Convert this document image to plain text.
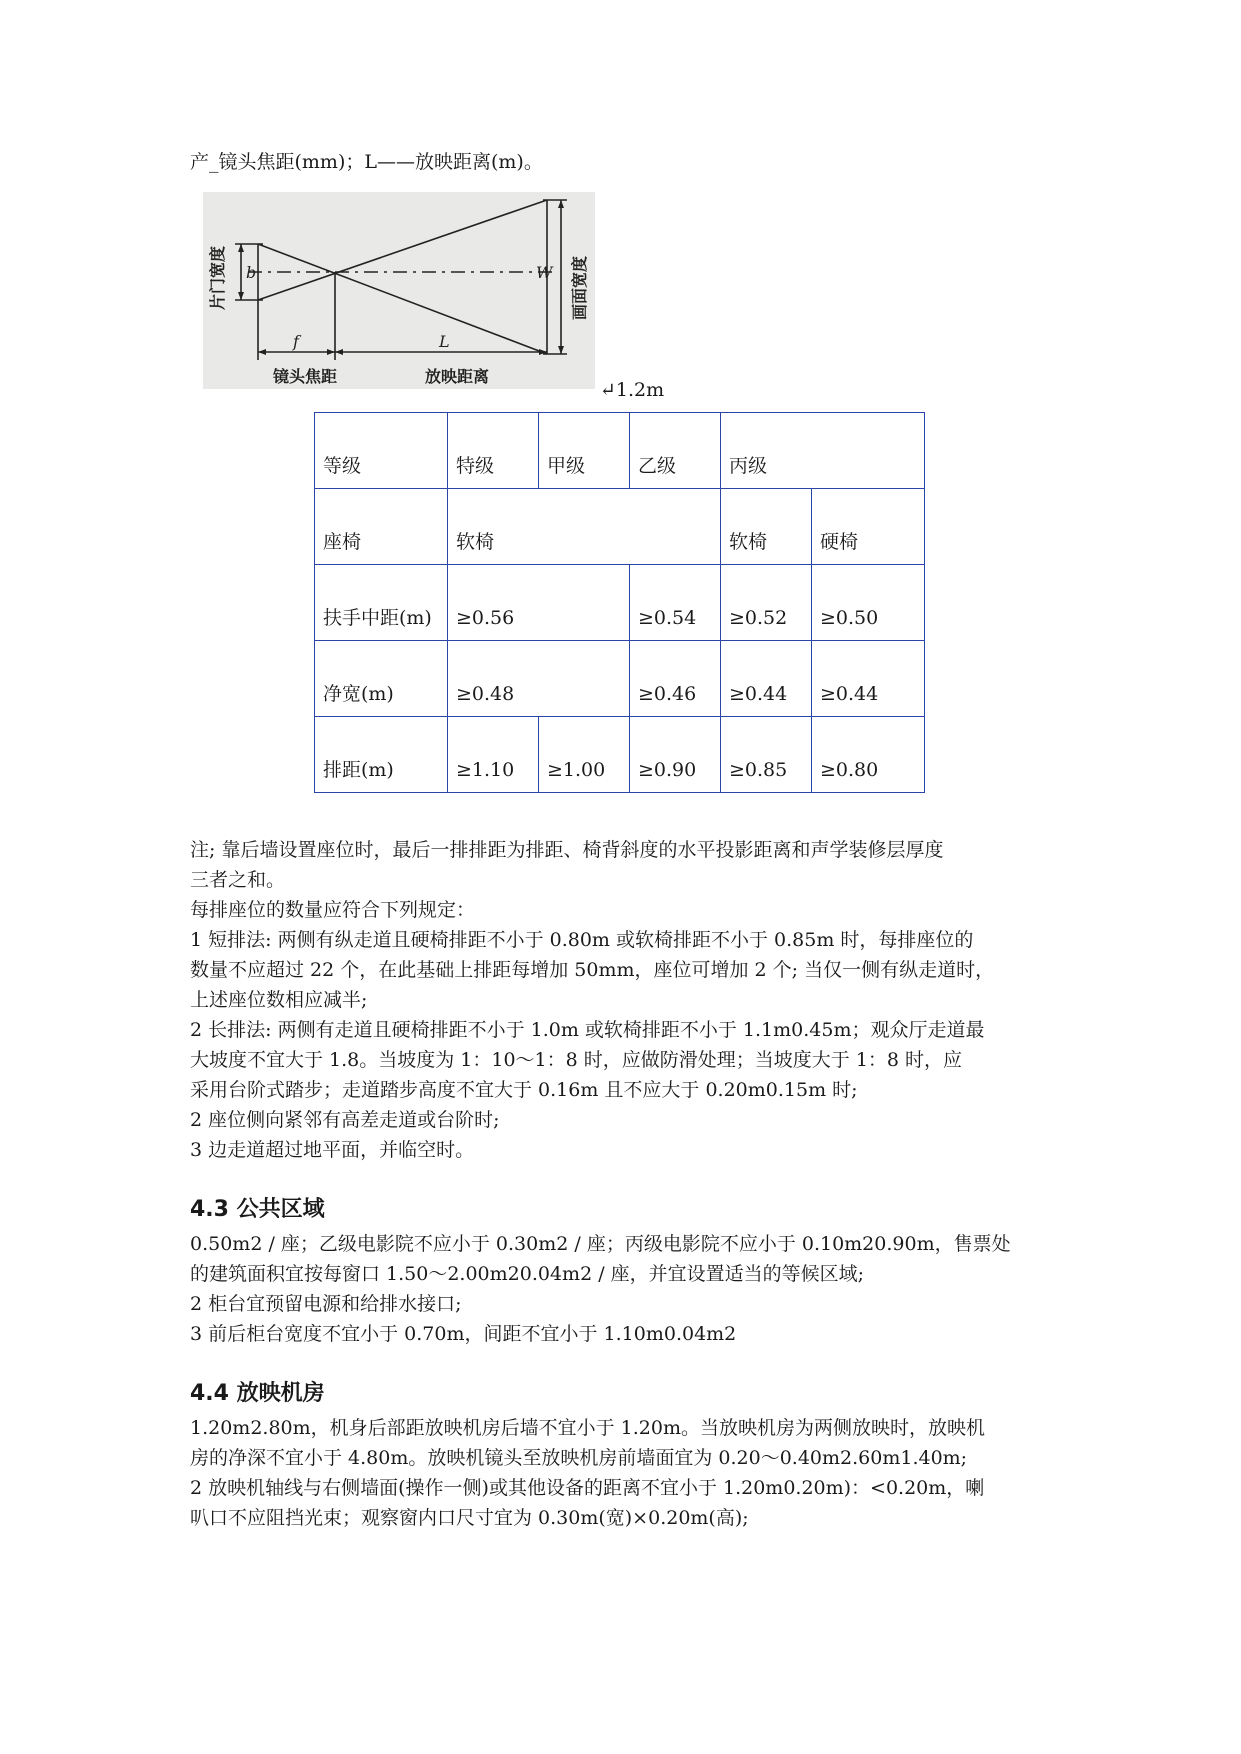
产_镜头焦距(mm)；L——放映距离(m)。
b	W
f	L
镜头焦距	放映距离
片门宽度	画面宽度
↵1.2m
等级	特级	甲级	乙级	丙级	
座椅	软椅			软椅	硬椅
扶手中距(m)	≥0.56		≥0.54	≥0.52	≥0.50
净宽(m)	≥0.48		≥0.46	≥0.44	≥0.44
排距(m)	≥1.10	≥1.00	≥0.90	≥0.85	≥0.80
注; 靠后墙设置座位时，最后一排排距为排距、椅背斜度的水平投影距离和声学装修层厚度
三者之和。
每排座位的数量应符合下列规定：
1 短排法: 两侧有纵走道且硬椅排距不小于 0.80m 或软椅排距不小于 0.85m 时，每排座位的
数量不应超过 22 个，在此基础上排距每增加 50mm，座位可增加 2 个; 当仅一侧有纵走道时，
上述座位数相应减半;
2 长排法: 两侧有走道且硬椅排距不小于 1.0m 或软椅排距不小于 1.1m0.45m；观众厅走道最
大坡度不宜大于 1.8。当坡度为 1：10～1：8 时，应做防滑处理；当坡度大于 1：8 时，应
采用台阶式踏步；走道踏步高度不宜大于 0.16m 且不应大于 0.20m0.15m 时;
2 座位侧向紧邻有高差走道或台阶时;
3 边走道超过地平面，并临空时。
4.3 公共区域
0.50m2 / 座；乙级电影院不应小于 0.30m2 / 座；丙级电影院不应小于 0.10m20.90m，售票处
的建筑面积宜按每窗口 1.50～2.00m20.04m2 / 座，并宜设置适当的等候区域;
2 柜台宜预留电源和给排水接口;
3 前后柜台宽度不宜小于 0.70m，间距不宜小于 1.10m0.04m2
4.4 放映机房
1.20m2.80m，机身后部距放映机房后墙不宜小于 1.20m。当放映机房为两侧放映时，放映机
房的净深不宜小于 4.80m。放映机镜头至放映机房前墙面宜为 0.20～0.40m2.60m1.40m;
2 放映机轴线与右侧墙面(操作一侧)或其他设备的距离不宜小于 1.20m0.20m)：<0.20m，喇
叭口不应阻挡光束；观察窗内口尺寸宜为 0.30m(宽)×0.20m(高);
